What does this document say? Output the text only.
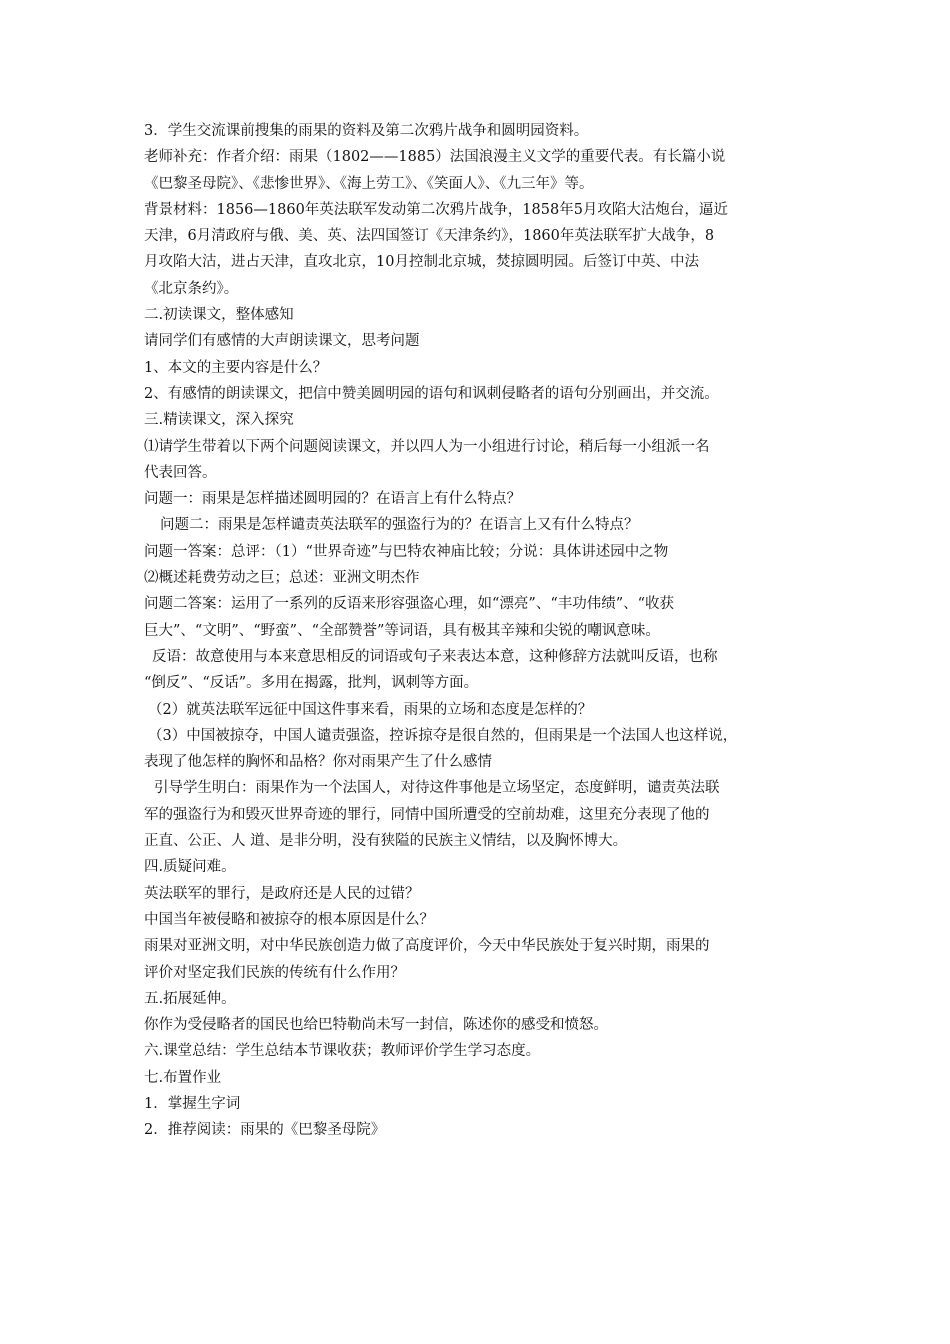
3．学生交流课前搜集的雨果的资料及第二次鸦片战争和圆明园资料。
老师补充：作者介绍：雨果（1802——1885）法国浪漫主义文学的重要代表。有长篇小说
《巴黎圣母院》、《悲惨世界》、《海上劳工》、《笑面人》、《九三年》等。
背景材料：1856—1860年英法联军发动第二次鸦片战争，1858年5月攻陷大沽炮台，逼近
天津，6月清政府与俄、美、英、法四国签订《天津条约》，1860年英法联军扩大战争，8
月攻陷大沽，进占天津，直攻北京，10月控制北京城，焚掠圆明园。后签订中英、中法
《北京条约》。
二.初读课文，整体感知
请同学们有感情的大声朗读课文，思考问题
1、本文的主要内容是什么？
2、有感情的朗读课文，把信中赞美圆明园的语句和讽刺侵略者的语句分别画出，并交流。
三.精读课文，深入探究
⑴请学生带着以下两个问题阅读课文，并以四人为一小组进行讨论，稍后每一小组派一名
代表回答。
问题一：雨果是怎样描述圆明园的？在语言上有什么特点？
问题二：雨果是怎样谴责英法联军的强盗行为的？在语言上又有什么特点？
问题一答案：总评：（1）“世界奇迹”与巴特农神庙比较；分说：具体讲述园中之物
⑵概述耗费劳动之巨；总述：亚洲文明杰作
问题二答案：运用了一系列的反语来形容强盗心理，如“漂亮”、“丰功伟绩”、“收获
巨大”、“文明”、“野蛮”、“全部赞誉”等词语，具有极其辛辣和尖锐的嘲讽意味。
反语：故意使用与本来意思相反的词语或句子来表达本意，这种修辞方法就叫反语，也称
“倒反”、“反话”。多用在揭露，批判，讽刺等方面。
（2）就英法联军远征中国这件事来看，雨果的立场和态度是怎样的？
（3）中国被掠夺，中国人谴责强盗，控诉掠夺是很自然的，但雨果是一个法国人也这样说，
表现了他怎样的胸怀和品格？你对雨果产生了什么感情
引导学生明白：雨果作为一个法国人，对待这件事他是立场坚定，态度鲜明，谴责英法联
军的强盗行为和毁灭世界奇迹的罪行，同情中国所遭受的空前劫难，这里充分表现了他的
正直、公正、人 道、是非分明，没有狭隘的民族主义情结，以及胸怀博大。
四.质疑问难。
英法联军的罪行，是政府还是人民的过错？
中国当年被侵略和被掠夺的根本原因是什么？
雨果对亚洲文明，对中华民族创造力做了高度评价，今天中华民族处于复兴时期，雨果的
评价对坚定我们民族的传统有什么作用？
五.拓展延伸。
你作为受侵略者的国民也给巴特勒尚未写一封信，陈述你的感受和愤怒。
六.课堂总结：学生总结本节课收获；教师评价学生学习态度。
七.布置作业
1．掌握生字词
2．推荐阅读：雨果的《巴黎圣母院》
